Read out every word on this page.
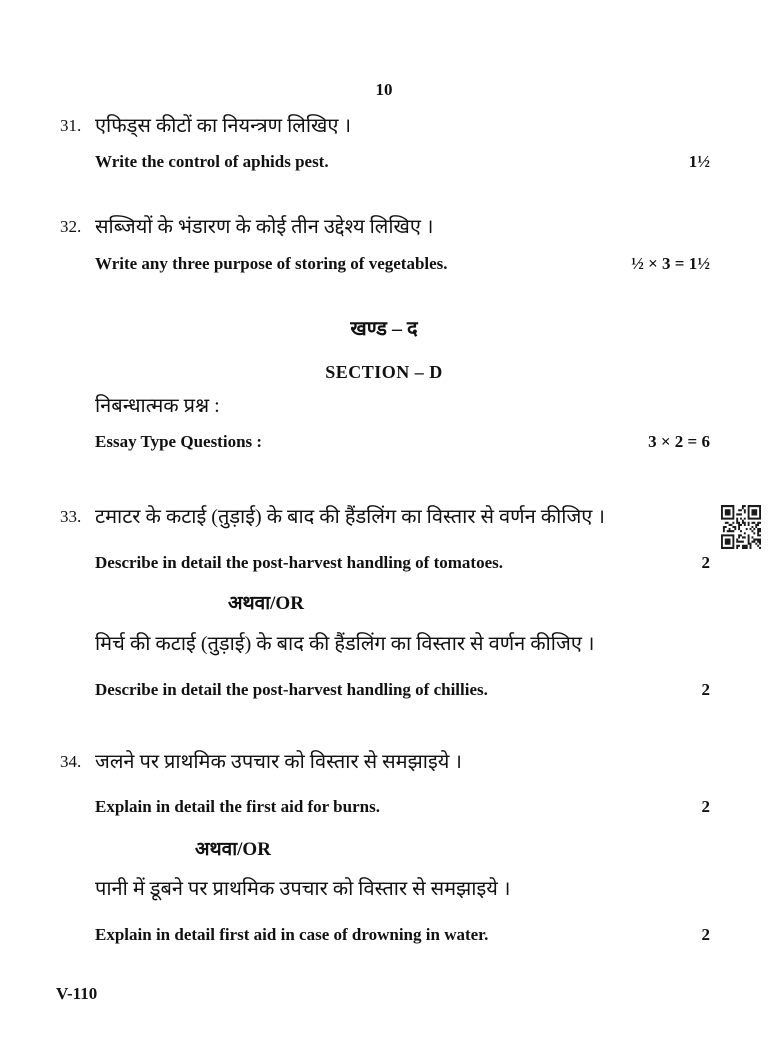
10
31. एफिड्स कीटों का नियन्त्रण लिखिए ।
Write the control of aphids pest.	1½
32. सब्जियों के भंडारण के कोई तीन उद्देश्य लिखिए ।
Write any three purpose of storing of vegetables.	½ × 3 = 1½
खण्ड – द
SECTION – D
निबन्धात्मक प्रश्न :
Essay Type Questions :	3 × 2 = 6
33. टमाटर के कटाई (तुड़ाई) के बाद की हैंडलिंग का विस्तार से वर्णन कीजिए ।
Describe in detail the post-harvest handling of tomatoes.	2
अथवा/OR
मिर्च की कटाई (तुड़ाई) के बाद की हैंडलिंग का विस्तार से वर्णन कीजिए ।
Describe in detail the post-harvest handling of chillies.	2
34. जलने पर प्राथमिक उपचार को विस्तार से समझाइये ।
Explain in detail the first aid for burns.	2
अथवा/OR
पानी में डूबने पर प्राथमिक उपचार को विस्तार से समझाइये ।
Explain in detail first aid in case of drowning in water.	2
V-110
